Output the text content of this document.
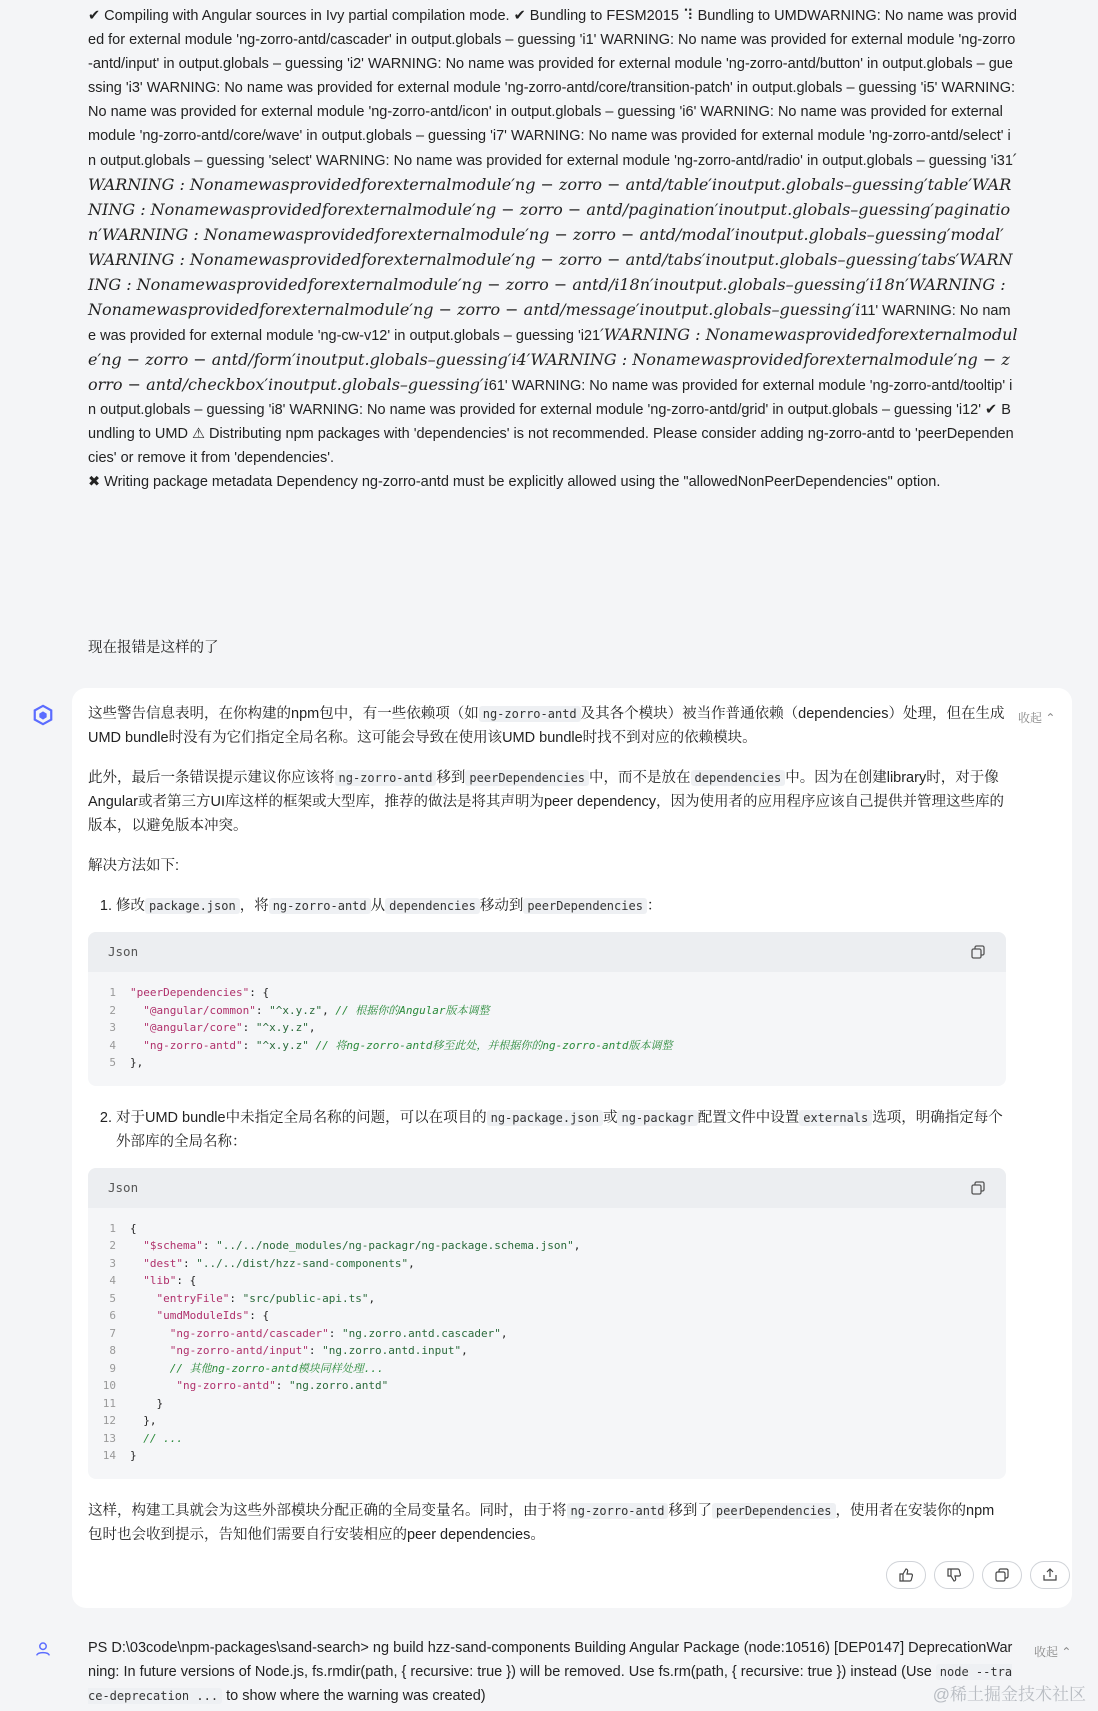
✔ Compiling with Angular sources in Ivy partial compilation mode. ✔ Bundling to FESM2015 ⠹ Bundling to UMDWARNING: No name was provided for external module 'ng-zorro-antd/cascader' in output.globals – guessing 'i1' WARNING: No name was provided for external module 'ng-zorro-antd/input' in output.globals – guessing 'i2' WARNING: No name was provided for external module 'ng-zorro-antd/button' in output.globals – guessing 'i3' WARNING: No name was provided for external module 'ng-zorro-antd/core/transition-patch' in output.globals – guessing 'i5' WARNING: No name was provided for external module 'ng-zorro-antd/icon' in output.globals – guessing 'i6' WARNING: No name was provided for external module 'ng-zorro-antd/core/wave' in output.globals – guessing 'i7' WARNING: No name was provided for external module 'ng-zorro-antd/select' in output.globals – guessing 'select' WARNING: No name was provided for external module 'ng-zorro-antd/radio' in output.globals – guessing 'i31′WARNING : Nonamewasprovidedforexternalmodule′ng − zorro − antd/table′inoutput.globals–guessing′table′WARNING : Nonamewasprovidedforexternalmodule′ng − zorro − antd/pagination′inoutput.globals–guessing′pagination′WARNING : Nonamewasprovidedforexternalmodule′ng − zorro − antd/modal′inoutput.globals–guessing′modal′WARNING : Nonamewasprovidedforexternalmodule′ng − zorro − antd/tabs′inoutput.globals–guessing′tabs′WARNING : Nonamewasprovidedforexternalmodule′ng − zorro − antd/i18n′inoutput.globals–guessing′i18n′WARNING : Nonamewasprovidedforexternalmodule′ng − zorro − antd/message′inoutput.globals–guessing′i11' WARNING: No name was provided for external module 'ng-cw-v12' in output.globals – guessing 'i21′WARNING : Nonamewasprovidedforexternalmodule′ng − zorro − antd/form′inoutput.globals–guessing′i4′WARNING : Nonamewasprovidedforexternalmodule′ng − zorro − antd/checkbox′inoutput.globals–guessing′i61' WARNING: No name was provided for external module 'ng-zorro-antd/tooltip' in output.globals – guessing 'i8' WARNING: No name was provided for external module 'ng-zorro-antd/grid' in output.globals – guessing 'i12' ✔ Bundling to UMD ⚠ Distributing npm packages with 'dependencies' is not recommended. Please consider adding ng-zorro-antd to 'peerDependencies' or remove it from 'dependencies'.
✖ Writing package metadata Dependency ng-zorro-antd must be explicitly allowed using the "allowedNonPeerDependencies" option.
现在报错是这样的了
收起 ⌃

这些警告信息表明，在你构建的npm包中，有一些依赖项（如 ng-zorro-antd 及其各个模块）被当作普通依赖（dependencies）处理，但在生成UMD bundle时没有为它们指定全局名称。这可能会导致在使用该UMD bundle时找不到对应的依赖模块。

此外，最后一条错误提示建议你应该将 ng-zorro-antd 移到 peerDependencies 中，而不是放在 dependencies 中。因为在创建library时，对于像Angular或者第三方UI库这样的框架或大型库，推荐的做法是将其声明为peer dependency，因为使用者的应用程序应该自己提供并管理这些库的版本，以避免版本冲突。

解决方法如下:

1. 修改 package.json ，将 ng-zorro-antd 从 dependencies 移动到 peerDependencies ：
Json
1 "peerDependencies": {
2	"@angular/common": "^x.y.z", // 根据你的Angular版本调整
3	"@angular/core": "^x.y.z",
4	"ng-zorro-antd": "^x.y.z" // 将ng-zorro-antd移至此处，并根据你的ng-zorro-antd版本调整
5 },
2. 对于UMD bundle中未指定全局名称的问题，可以在项目的 ng-package.json 或 ng-packagr 配置文件中设置 externals 选项，明确指定每个外部库的全局名称：
Json
1 {
2	"$schema": "../../node_modules/ng-packagr/ng-package.schema.json",
3	"dest": "../../dist/hzz-sand-components",
4	"lib": {
5	"entryFile": "src/public-api.ts",
6	"umdModuleIds": {
7	"ng-zorro-antd/cascader": "ng.zorro.antd.cascader",
8	"ng-zorro-antd/input": "ng.zorro.antd.input",
9	// 其他ng-zorro-antd模块同样处理...
10	"ng-zorro-antd": "ng.zorro.antd"
11 }
12 },
13	// ...
14 }

这样，构建工具就会为这些外部模块分配正确的全局变量名。同时，由于将 ng-zorro-antd 移到了 peerDependencies ，使用者在安装你的npm包时也会收到提示，告知他们需要自行安装相应的peer dependencies。

PS D:\03code\npm-packages\sand-search> ng build hzz-sand-components Building Angular Package (node:10516) [DEP0147] DeprecationWarning: In future versions of Node.js, fs.rmdir(path, { recursive: true }) will be removed. Use fs.rm(path, { recursive: true }) instead (Use node --trace-deprecation ... to show where the warning was created)
收起 ⌃
@稀土掘金技术社区
